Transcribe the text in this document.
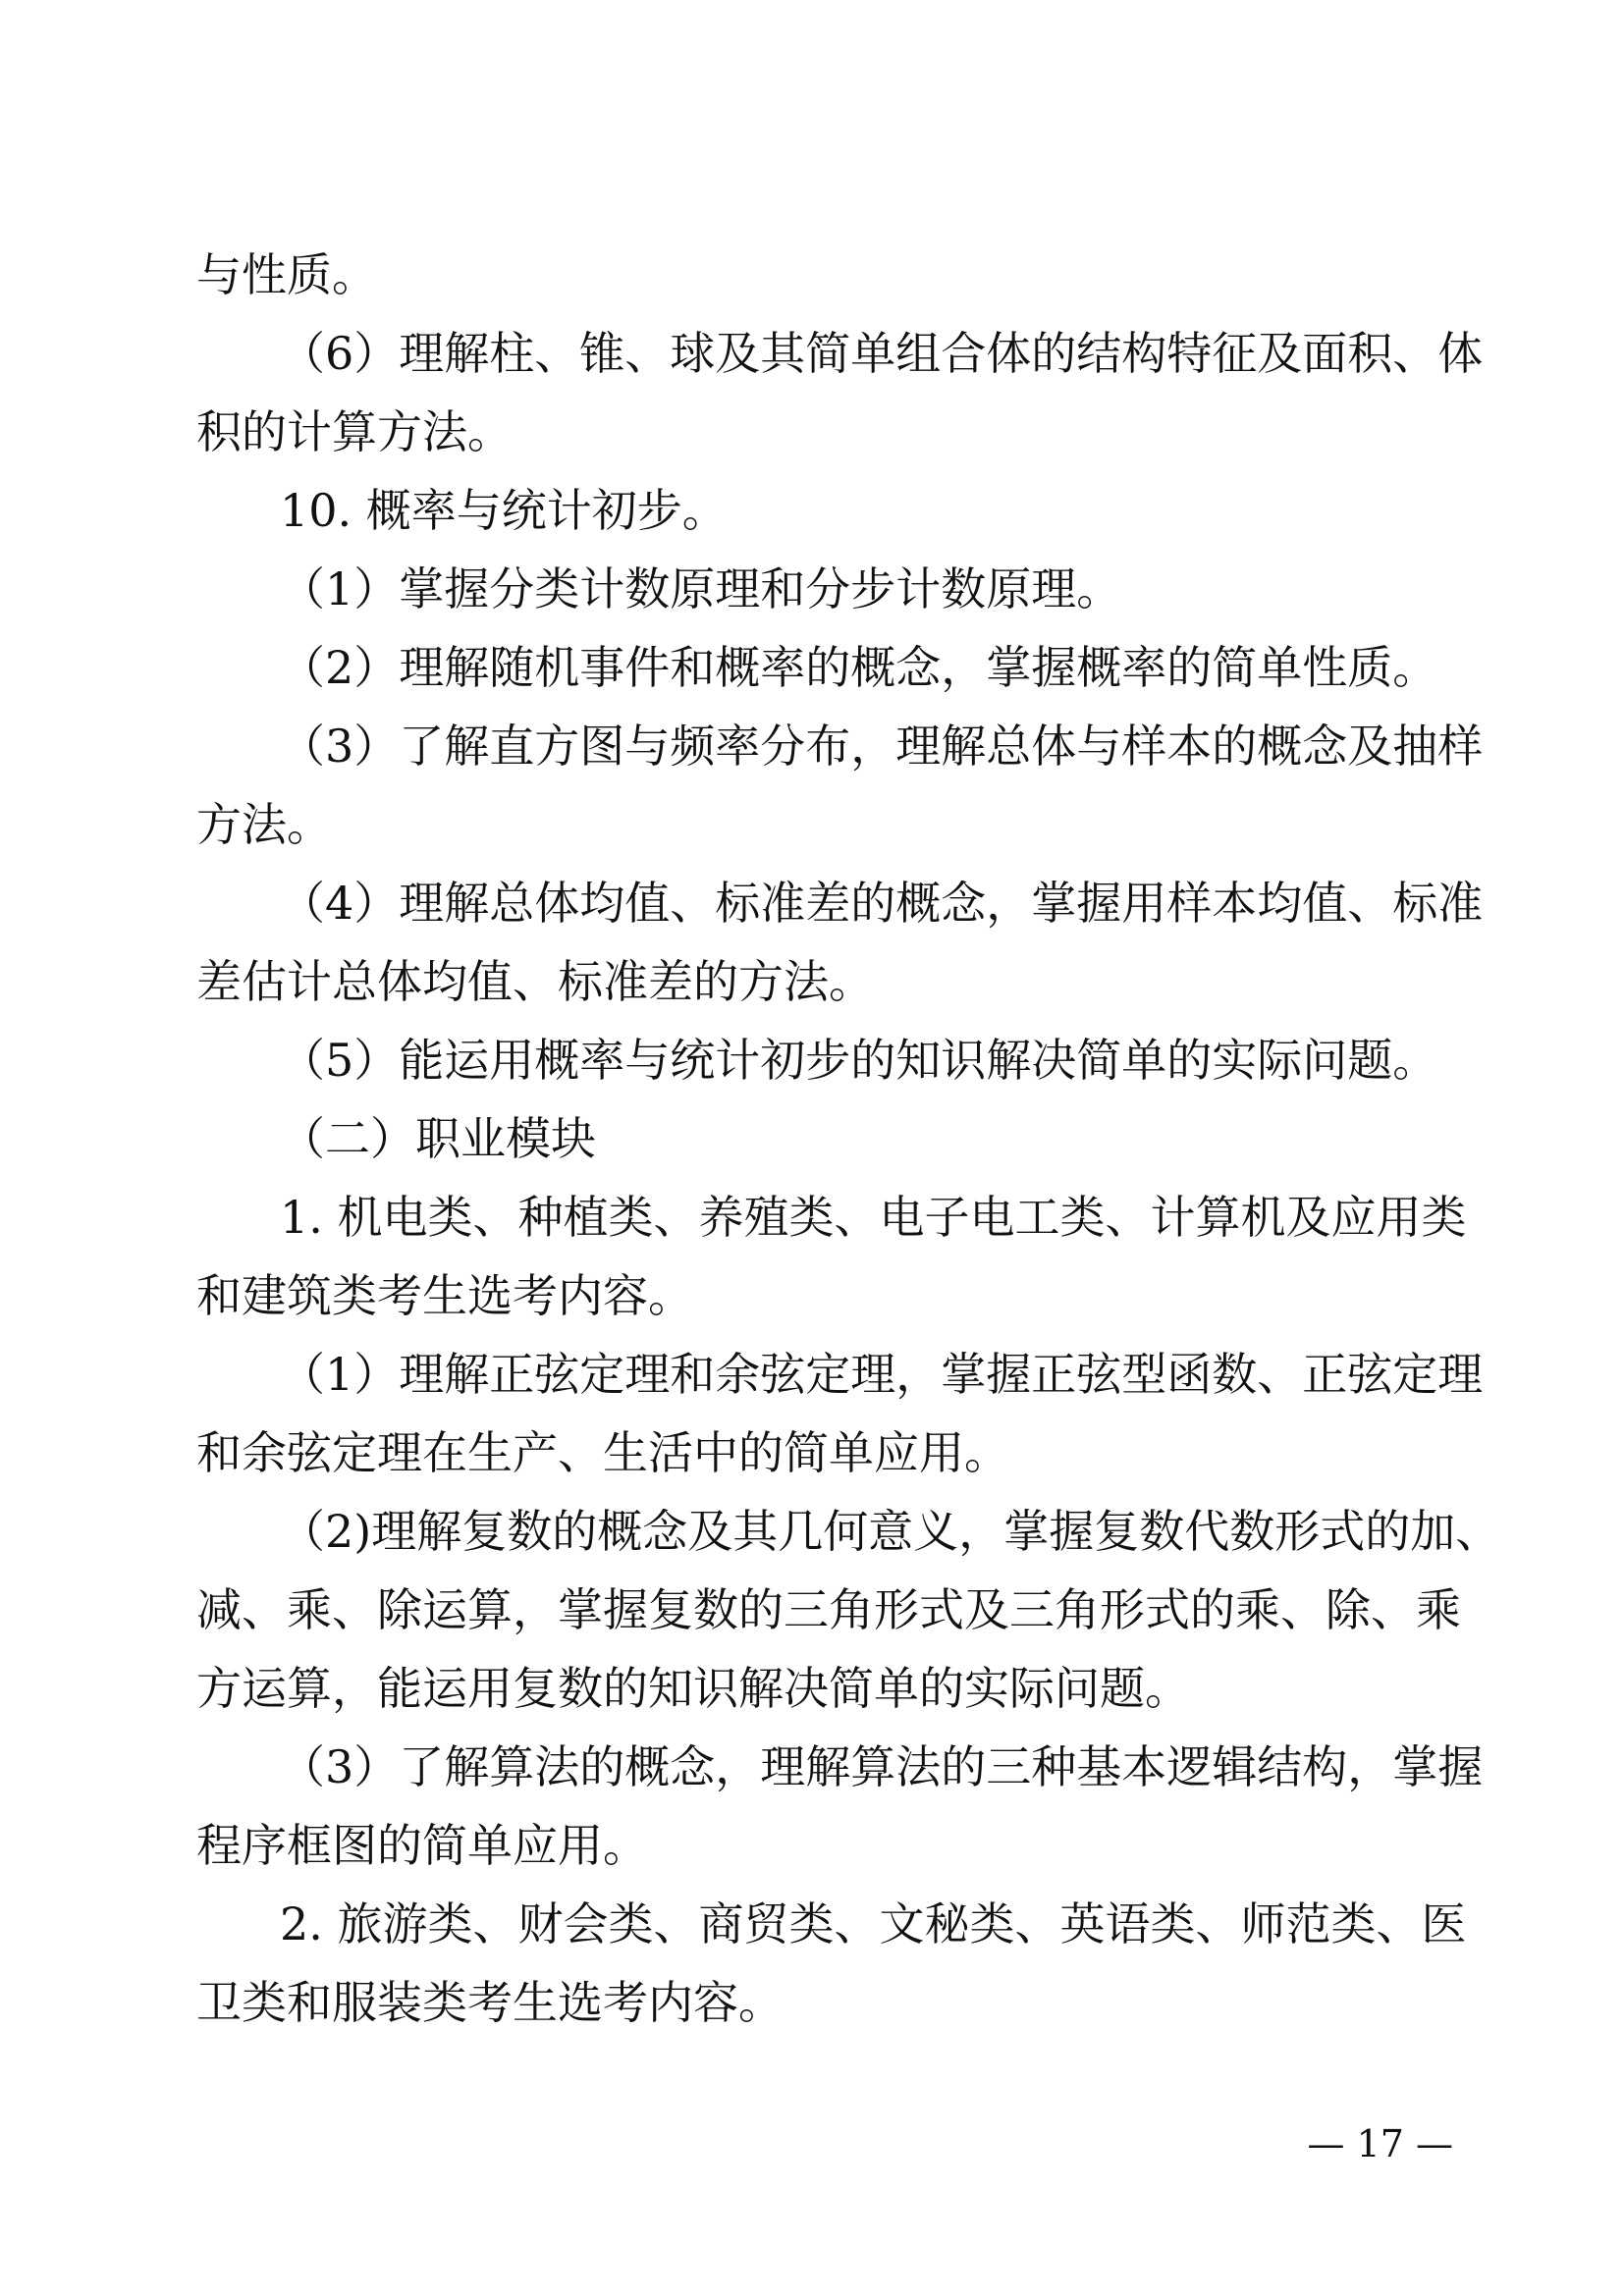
与性质。
（6）理解柱、锥、球及其简单组合体的结构特征及面积、体
积的计算方法。
10. 概率与统计初步。
（1）掌握分类计数原理和分步计数原理。
（2）理解随机事件和概率的概念，掌握概率的简单性质。
（3）了解直方图与频率分布，理解总体与样本的概念及抽样
方法。
（4）理解总体均值、标准差的概念，掌握用样本均值、标准
差估计总体均值、标准差的方法。
（5）能运用概率与统计初步的知识解决简单的实际问题。
（二）职业模块
1. 机电类、种植类、养殖类、电子电工类、计算机及应用类
和建筑类考生选考内容。
（1）理解正弦定理和余弦定理，掌握正弦型函数、正弦定理
和余弦定理在生产、生活中的简单应用。
（2)理解复数的概念及其几何意义，掌握复数代数形式的加、
减、乘、除运算，掌握复数的三角形式及三角形式的乘、除、乘
方运算，能运用复数的知识解决简单的实际问题。
（3）了解算法的概念，理解算法的三种基本逻辑结构，掌握
程序框图的简单应用。
2. 旅游类、财会类、商贸类、文秘类、英语类、师范类、医
卫类和服装类考生选考内容。
— 17 —
